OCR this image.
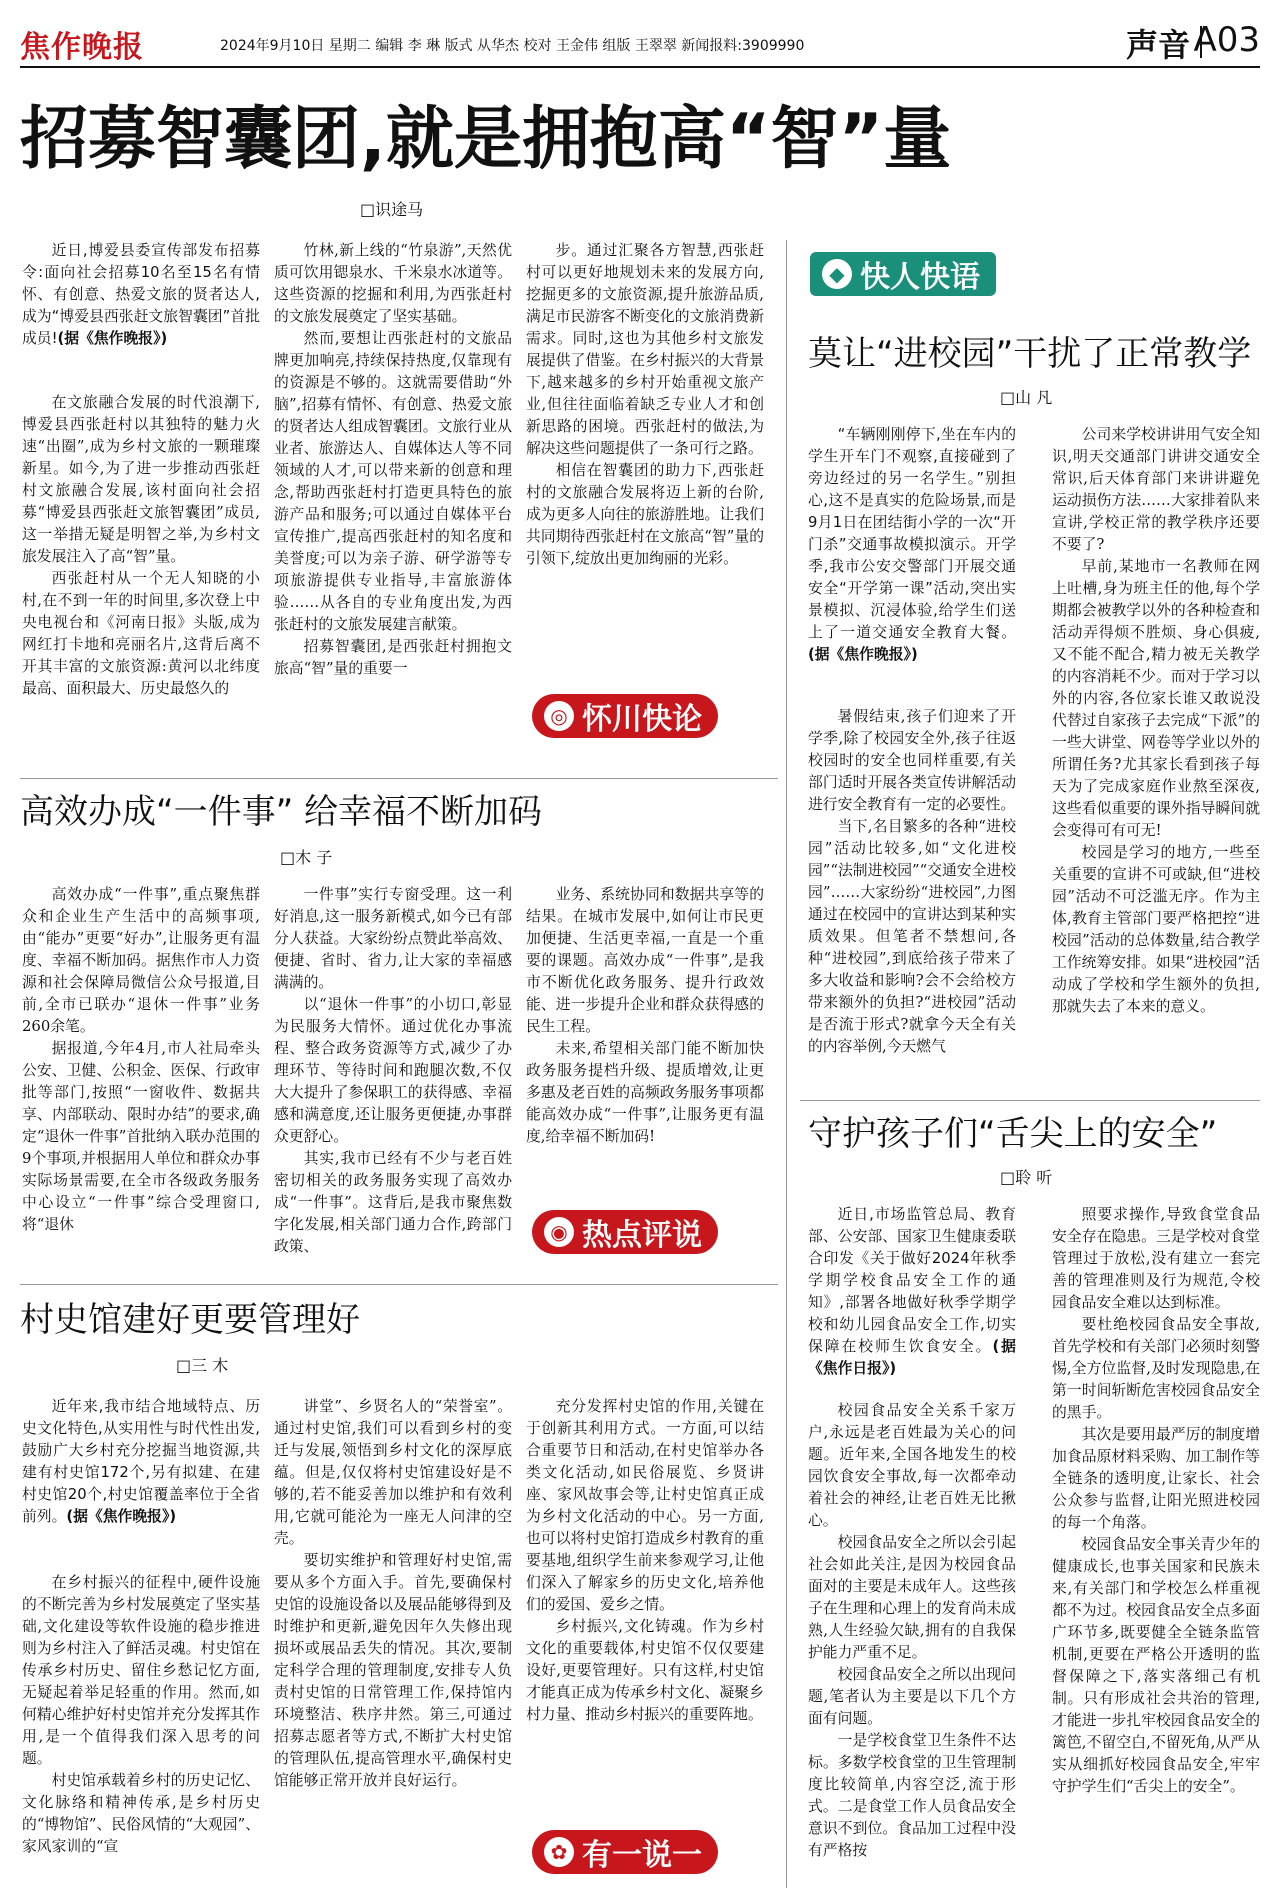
焦作晚报	2024年9月10日 星期二 编辑 李 琳 版式 从华杰 校对 王金伟 组版 王翠翠 新闻报料:3909990	声音 A03
招募智囊团,就是拥抱高“智”量
□识途马

近日,博爱县委宣传部发布招募令:面向社会招募10名至15名有情怀、有创意、热爱文旅的贤者达人,成为“博爱县西张赶文旅智囊团”首批成员!(据《焦作晚报》)

在文旅融合发展的时代浪潮下,博爱县西张赶村以其独特的魅力火速“出圈”,成为乡村文旅的一颗璀璨新星。如今,为了进一步推动西张赶村文旅融合发展,该村面向社会招募“博爱县西张赶文旅智囊团”成员,这一举措无疑是明智之举,为乡村文旅发展注入了高“智”量。

西张赶村从一个无人知晓的小村,在不到一年的时间里,多次登上中央电视台和《河南日报》头版,成为网红打卡地和亮丽名片,这背后离不开其丰富的文旅资源:黄河以北纬度最高、面积最大、历史最悠久的

竹林,新上线的“竹泉游”,天然优质可饮用锶泉水、千米泉水冰道等。这些资源的挖掘和利用,为西张赶村的文旅发展奠定了坚实基础。

然而,要想让西张赶村的文旅品牌更加响亮,持续保持热度,仅靠现有的资源是不够的。这就需要借助“外脑”,招募有情怀、有创意、热爱文旅的贤者达人组成智囊团。文旅行业从业者、旅游达人、自媒体达人等不同领域的人才,可以带来新的创意和理念,帮助西张赶村打造更具特色的旅游产品和服务;可以通过自媒体平台宣传推广,提高西张赶村的知名度和美誉度;可以为亲子游、研学游等专项旅游提供专业指导,丰富旅游体验……从各自的专业角度出发,为西张赶村的文旅发展建言献策。

招募智囊团,是西张赶村拥抱文旅高“智”量的重要一

步。通过汇聚各方智慧,西张赶村可以更好地规划未来的发展方向,挖掘更多的文旅资源,提升旅游品质,满足市民游客不断变化的文旅消费新需求。同时,这也为其他乡村文旅发展提供了借鉴。在乡村振兴的大背景下,越来越多的乡村开始重视文旅产业,但往往面临着缺乏专业人才和创新思路的困境。西张赶村的做法,为解决这些问题提供了一条可行之路。

相信在智囊团的助力下,西张赶村的文旅融合发展将迈上新的台阶,成为更多人向往的旅游胜地。让我们共同期待西张赶村在文旅高“智”量的引领下,绽放出更加绚丽的光彩。

◎ 怀川快论
高效办成“一件事” 给幸福不断加码
□木 子

高效办成“一件事”,重点聚焦群众和企业生产生活中的高频事项,由“能办”更要“好办”,让服务更有温度、幸福不断加码。据焦作市人力资源和社会保障局微信公众号报道,目前,全市已联办“退休一件事”业务260余笔。

据报道,今年4月,市人社局牵头公安、卫健、公积金、医保、行政审批等部门,按照“一窗收件、数据共享、内部联动、限时办结”的要求,确定“退休一件事”首批纳入联办范围的9个事项,并根据用人单位和群众办事实际场景需要,在全市各级政务服务中心设立“一件事”综合受理窗口,将“退休

一件事”实行专窗受理。这一利好消息,这一服务新模式,如今已有部分人获益。大家纷纷点赞此举高效、便捷、省时、省力,让大家的幸福感满满的。

以“退休一件事”的小切口,彰显为民服务大情怀。通过优化办事流程、整合政务资源等方式,减少了办理环节、等待时间和跑腿次数,不仅大大提升了参保职工的获得感、幸福感和满意度,还让服务更便捷,办事群众更舒心。

其实,我市已经有不少与老百姓密切相关的政务服务实现了高效办成“一件事”。这背后,是我市聚焦数字化发展,相关部门通力合作,跨部门政策、

业务、系统协同和数据共享等的结果。在城市发展中,如何让市民更加便捷、生活更幸福,一直是一个重要的课题。高效办成“一件事”,是我市不断优化政务服务、提升行政效能、进一步提升企业和群众获得感的民生工程。

未来,希望相关部门能不断加快政务服务提档升级、提质增效,让更多惠及老百姓的高频政务服务事项都能高效办成“一件事”,让服务更有温度,给幸福不断加码!

◉ 热点评说
村史馆建好更要管理好
□三 木

近年来,我市结合地域特点、历史文化特色,从实用性与时代性出发,鼓励广大乡村充分挖掘当地资源,共建有村史馆172个,另有拟建、在建村史馆20个,村史馆覆盖率位于全省前列。(据《焦作晚报》)

在乡村振兴的征程中,硬件设施的不断完善为乡村发展奠定了坚实基础,文化建设等软件设施的稳步推进则为乡村注入了鲜活灵魂。村史馆在传承乡村历史、留住乡愁记忆方面,无疑起着举足轻重的作用。然而,如何精心维护好村史馆并充分发挥其作用,是一个值得我们深入思考的问题。

村史馆承载着乡村的历史记忆、文化脉络和精神传承,是乡村历史的“博物馆”、民俗风情的“大观园”、家风家训的“宣

讲堂”、乡贤名人的“荣誉室”。通过村史馆,我们可以看到乡村的变迁与发展,领悟到乡村文化的深厚底蕴。但是,仅仅将村史馆建设好是不够的,若不能妥善加以维护和有效利用,它就可能沦为一座无人问津的空壳。

要切实维护和管理好村史馆,需要从多个方面入手。首先,要确保村史馆的设施设备以及展品能够得到及时维护和更新,避免因年久失修出现损坏或展品丢失的情况。其次,要制定科学合理的管理制度,安排专人负责村史馆的日常管理工作,保持馆内环境整洁、秩序井然。第三,可通过招募志愿者等方式,不断扩大村史馆的管理队伍,提高管理水平,确保村史馆能够正常开放并良好运行。

充分发挥村史馆的作用,关键在于创新其利用方式。一方面,可以结合重要节日和活动,在村史馆举办各类文化活动,如民俗展览、乡贤讲座、家风故事会等,让村史馆真正成为乡村文化活动的中心。另一方面,也可以将村史馆打造成乡村教育的重要基地,组织学生前来参观学习,让他们深入了解家乡的历史文化,培养他们的爱国、爱乡之情。

乡村振兴,文化铸魂。作为乡村文化的重要载体,村史馆不仅仅要建设好,更要管理好。只有这样,村史馆才能真正成为传承乡村文化、凝聚乡村力量、推动乡村振兴的重要阵地。

✿ 有一说一
◆ 快人快语
莫让“进校园”干扰了正常教学
□山 凡

“车辆刚刚停下,坐在车内的学生开车门不观察,直接碰到了旁边经过的另一名学生。”别担心,这不是真实的危险场景,而是9月1日在团结街小学的一次“开门杀”交通事故模拟演示。开学季,我市公安交警部门开展交通安全“开学第一课”活动,突出实景模拟、沉浸体验,给学生们送上了一道交通安全教育大餐。(据《焦作晚报》)

暑假结束,孩子们迎来了开学季,除了校园安全外,孩子往返校园时的安全也同样重要,有关部门适时开展各类宣传讲解活动进行安全教育有一定的必要性。

当下,名目繁多的各种“进校园”活动比较多,如“文化进校园”“法制进校园”“交通安全进校园”……大家纷纷“进校园”,力图通过在校园中的宣讲达到某种实质效果。但笔者不禁想问,各种“进校园”,到底给孩子带来了多大收益和影响?会不会给校方带来额外的负担?“进校园”活动是否流于形式?就拿今天全有关的内容举例,今天燃气

公司来学校讲讲用气安全知识,明天交通部门讲讲交通安全常识,后天体育部门来讲讲避免运动损伤方法……大家排着队来宣讲,学校正常的教学秩序还要不要了?

早前,某地市一名教师在网上吐槽,身为班主任的他,每个学期都会被教学以外的各种检查和活动弄得烦不胜烦、身心俱疲,又不能不配合,精力被无关教学的内容消耗不少。而对于学习以外的内容,各位家长谁又敢说没代替过自家孩子去完成“下派”的一些大讲堂、网卷等学业以外的所谓任务?尤其家长看到孩子每天为了完成家庭作业熬至深夜,这些看似重要的课外指导瞬间就会变得可有可无!

校园是学习的地方,一些至关重要的宣讲不可或缺,但“进校园”活动不可泛滥无序。作为主体,教育主管部门要严格把控“进校园”活动的总体数量,结合教学工作统筹安排。如果“进校园”活动成了学校和学生额外的负担,那就失去了本来的意义。

守护孩子们“舌尖上的安全”
□聆 听

近日,市场监管总局、教育部、公安部、国家卫生健康委联合印发《关于做好2024年秋季学期学校食品安全工作的通知》,部署各地做好秋季学期学校和幼儿园食品安全工作,切实保障在校师生饮食安全。(据《焦作日报》)

校园食品安全关系千家万户,永远是老百姓最为关心的问题。近年来,全国各地发生的校园饮食安全事故,每一次都牵动着社会的神经,让老百姓无比揪心。

校园食品安全之所以会引起社会如此关注,是因为校园食品面对的主要是未成年人。这些孩子在生理和心理上的发育尚未成熟,人生经验欠缺,拥有的自我保护能力严重不足。

校园食品安全之所以出现问题,笔者认为主要是以下几个方面有问题。

一是学校食堂卫生条件不达标。多数学校食堂的卫生管理制度比较简单,内容空泛,流于形式。二是食堂工作人员食品安全意识不到位。食品加工过程中没有严格按

照要求操作,导致食堂食品安全存在隐患。三是学校对食堂管理过于放松,没有建立一套完善的管理准则及行为规范,令校园食品安全难以达到标准。

要杜绝校园食品安全事故,首先学校和有关部门必须时刻警惕,全方位监督,及时发现隐患,在第一时间斩断危害校园食品安全的黑手。

其次是要用最严厉的制度增加食品原材料采购、加工制作等全链条的透明度,让家长、社会公众参与监督,让阳光照进校园的每一个角落。

校园食品安全事关青少年的健康成长,也事关国家和民族未来,有关部门和学校怎么样重视都不为过。校园食品安全点多面广环节多,既要健全全链条监管机制,更要在严格公开透明的监督保障之下,落实落细己有机制。只有形成社会共治的管理,才能进一步扎牢校园食品安全的篱笆,不留空白,不留死角,从严从实从细抓好校园食品安全,牢牢守护学生们“舌尖上的安全”。
